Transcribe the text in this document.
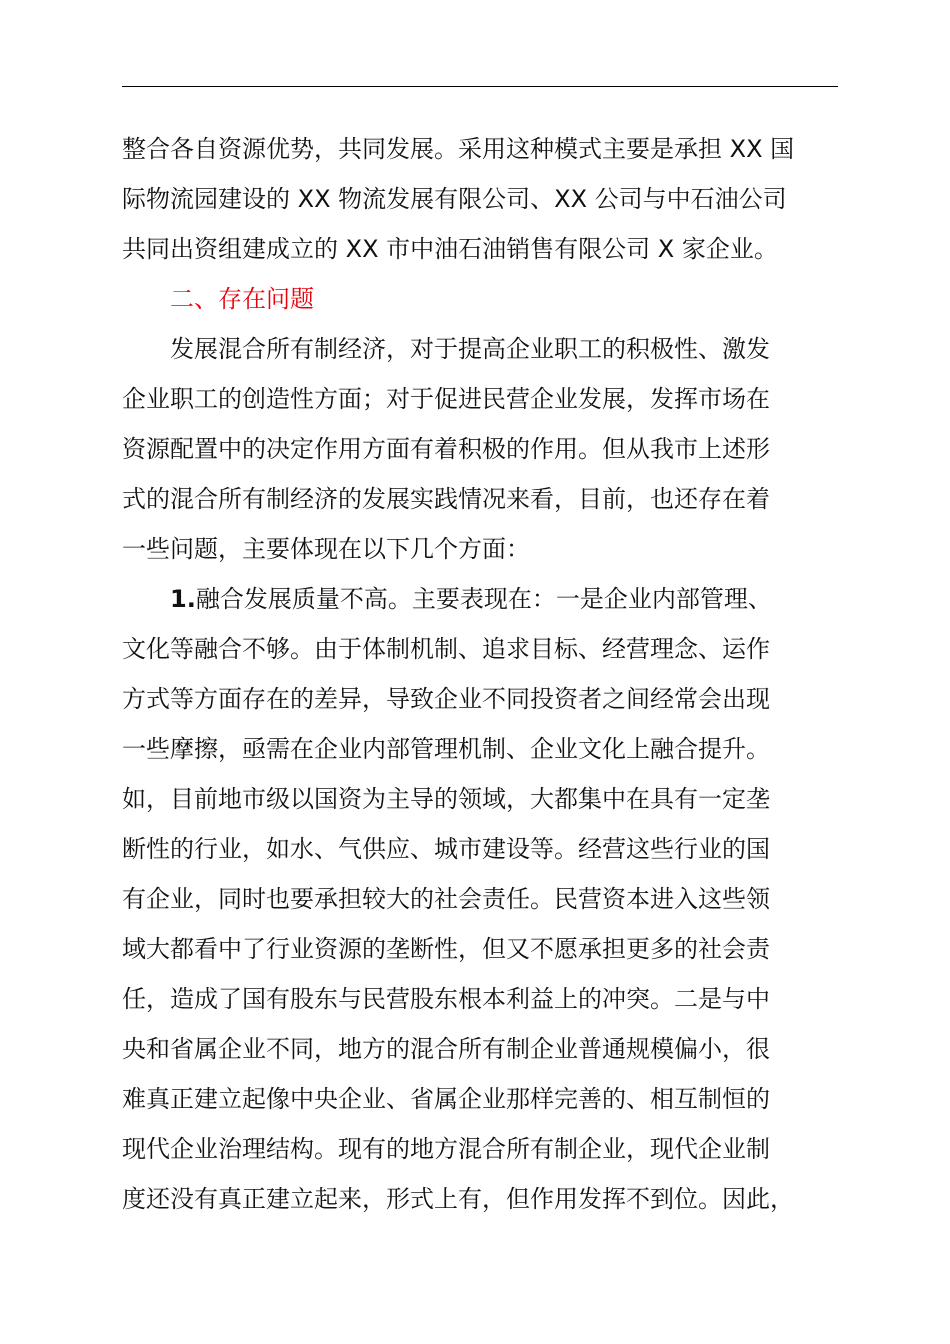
整合各自资源优势，共同发展。采用这种模式主要是承担 XX 国

际物流园建设的 XX 物流发展有限公司、XX 公司与中石油公司

共同出资组建成立的 XX 市中油石油销售有限公司 X 家企业。

二、存在问题

发展混合所有制经济，对于提高企业职工的积极性、激发

企业职工的创造性方面；对于促进民营企业发展，发挥市场在

资源配置中的决定作用方面有着积极的作用。但从我市上述形

式的混合所有制经济的发展实践情况来看，目前，也还存在着

一些问题，主要体现在以下几个方面：

1.融合发展质量不高。主要表现在：一是企业内部管理、

文化等融合不够。由于体制机制、追求目标、经营理念、运作

方式等方面存在的差异，导致企业不同投资者之间经常会出现

一些摩擦，亟需在企业内部管理机制、企业文化上融合提升。

如，目前地市级以国资为主导的领域，大都集中在具有一定垄

断性的行业，如水、气供应、城市建设等。经营这些行业的国

有企业，同时也要承担较大的社会责任。民营资本进入这些领

域大都看中了行业资源的垄断性，但又不愿承担更多的社会责

任，造成了国有股东与民营股东根本利益上的冲突。二是与中

央和省属企业不同，地方的混合所有制企业普通规模偏小，很

难真正建立起像中央企业、省属企业那样完善的、相互制恒的

现代企业治理结构。现有的地方混合所有制企业，现代企业制

度还没有真正建立起来，形式上有，但作用发挥不到位。因此，
